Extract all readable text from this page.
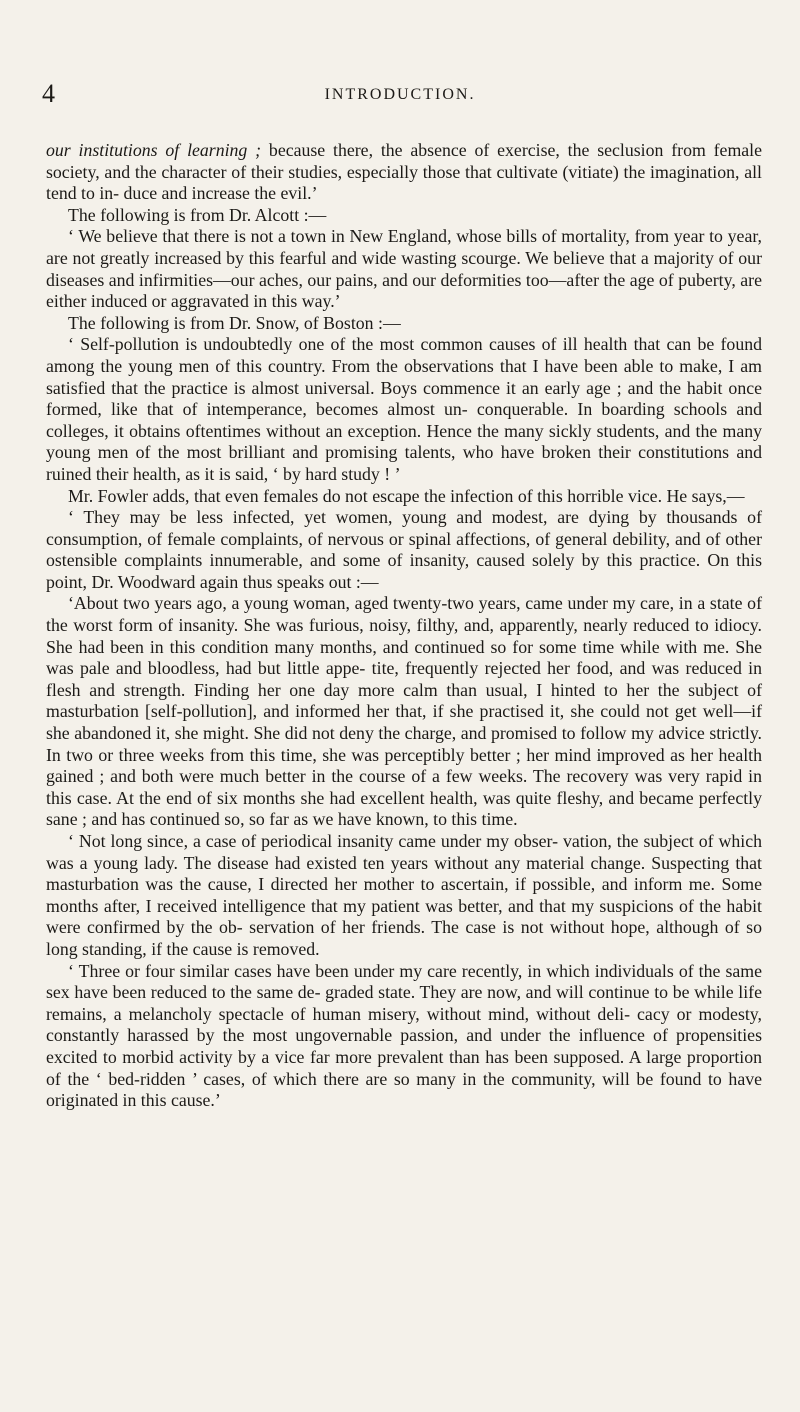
4	INTRODUCTION.

our institutions of learning ; because there, the absence of exercise, the seclusion from female society, and the character of their studies, especially those that cultivate (vitiate) the imagination, all tend to in- duce and increase the evil.’

The following is from Dr. Alcott :—

‘ We believe that there is not a town in New England, whose bills of mortality, from year to year, are not greatly increased by this fearful and wide wasting scourge. We believe that a majority of our diseases and infirmities—our aches, our pains, and our deformities too—after the age of puberty, are either induced or aggravated in this way.’

The following is from Dr. Snow, of Boston :—

‘ Self-pollution is undoubtedly one of the most common causes of ill health that can be found among the young men of this country. From the observations that I have been able to make, I am satisfied that the practice is almost universal. Boys commence it an early age ; and the habit once formed, like that of intemperance, becomes almost un- conquerable. In boarding schools and colleges, it obtains oftentimes without an exception. Hence the many sickly students, and the many young men of the most brilliant and promising talents, who have broken their constitutions and ruined their health, as it is said, ‘ by hard study ! ’

Mr. Fowler adds, that even females do not escape the infection of this horrible vice. He says,—

‘ They may be less infected, yet women, young and modest, are dying by thousands of consumption, of female complaints, of nervous or spinal affections, of general debility, and of other ostensible complaints innumerable, and some of insanity, caused solely by this practice. On this point, Dr. Woodward again thus speaks out :—

‘About two years ago, a young woman, aged twenty-two years, came under my care, in a state of the worst form of insanity. She was furious, noisy, filthy, and, apparently, nearly reduced to idiocy. She had been in this condition many months, and continued so for some time while with me. She was pale and bloodless, had but little appe- tite, frequently rejected her food, and was reduced in flesh and strength. Finding her one day more calm than usual, I hinted to her the subject of masturbation [self-pollution], and informed her that, if she practised it, she could not get well—if she abandoned it, she might. She did not deny the charge, and promised to follow my advice strictly. In two or three weeks from this time, she was perceptibly better ; her mind improved as her health gained ; and both were much better in the course of a few weeks. The recovery was very rapid in this case. At the end of six months she had excellent health, was quite fleshy, and became perfectly sane ; and has continued so, so far as we have known, to this time.

‘ Not long since, a case of periodical insanity came under my obser- vation, the subject of which was a young lady. The disease had existed ten years without any material change. Suspecting that masturbation was the cause, I directed her mother to ascertain, if possible, and inform me. Some months after, I received intelligence that my patient was better, and that my suspicions of the habit were confirmed by the ob- servation of her friends. The case is not without hope, although of so long standing, if the cause is removed.

‘ Three or four similar cases have been under my care recently, in which individuals of the same sex have been reduced to the same de- graded state. They are now, and will continue to be while life remains, a melancholy spectacle of human misery, without mind, without deli- cacy or modesty, constantly harassed by the most ungovernable passion, and under the influence of propensities excited to morbid activity by a vice far more prevalent than has been supposed. A large proportion of the ‘ bed-ridden ’ cases, of which there are so many in the community, will be found to have originated in this cause.’
